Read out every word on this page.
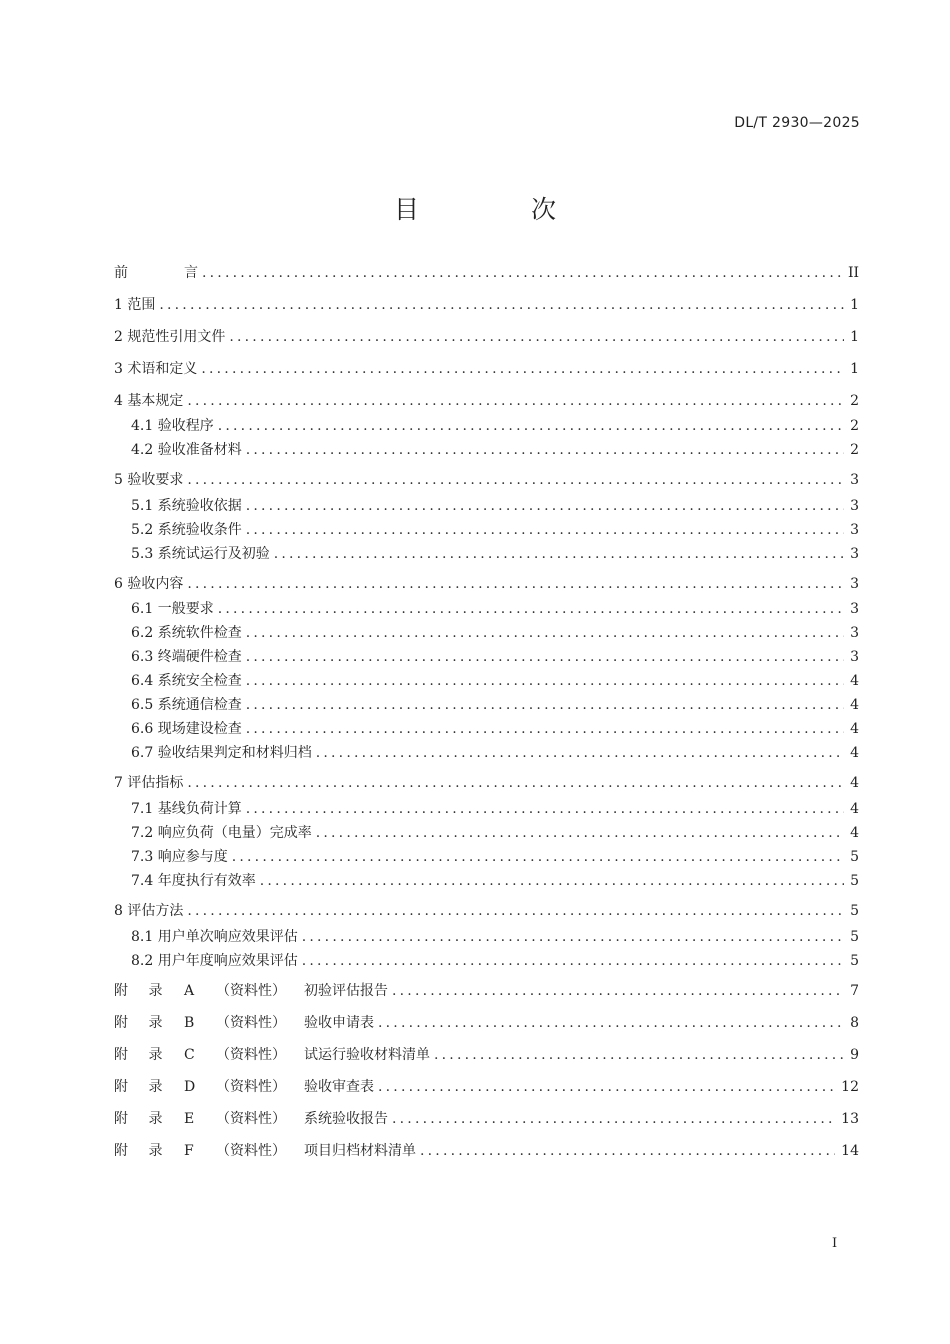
DL/T 2930—2025
目 次
前	言 .....	II
1 范围 .....	1
2 规范性引用文件 .....	1
3 术语和定义 .....	1
4 基本规定 .....	2
4.1 验收程序 .....	2
4.2 验收准备材料 .....	2
5 验收要求 .....	3
5.1 系统验收依据 .....	3
5.2 系统验收条件 .....	3
5.3 系统试运行及初验 .....	3
6 验收内容 .....	3
6.1 一般要求 .....	3
6.2 系统软件检查 .....	3
6.3 终端硬件检查 .....	3
6.4 系统安全检查 .....	4
6.5 系统通信检查 .....	4
6.6 现场建设检查 .....	4
6.7 验收结果判定和材料归档 .....	4
7 评估指标 .....	4
7.1 基线负荷计算 .....	4
7.2 响应负荷（电量）完成率 .....	4
7.3 响应参与度 .....	5
7.4 年度执行有效率 .....	5
8 评估方法 .....	5
8.1 用户单次响应效果评估 .....	5
8.2 用户年度响应效果评估 .....	5
附 录 A （资料性） 初验评估报告 .....	7
附 录 B （资料性） 验收申请表 .....	8
附 录 C （资料性） 试运行验收材料清单 .....	9
附 录 D （资料性） 验收审查表 .....	12
附 录 E （资料性） 系统验收报告 .....	13
附 录 F （资料性） 项目归档材料清单 .....	14
I
